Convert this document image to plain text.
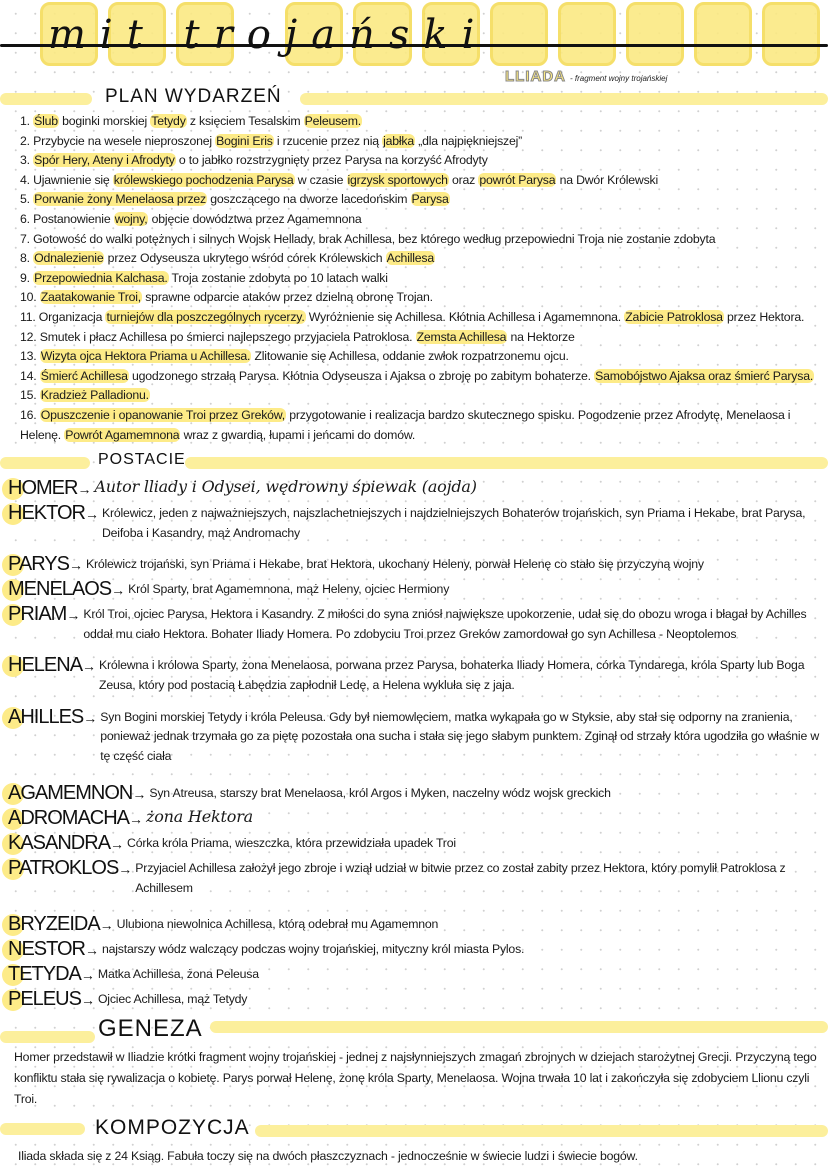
mit trojański
LLIADA - fragment wojny trojańskiej
PLAN WYDARZEŃ
1. Ślub boginki morskiej Tetydy z księciem Tesalskim Peleusem.
2. Przybycie na wesele nieproszonej Bogini Eris i rzucenie przez nią jabłka „dla najpiękniejszej”
3. Spór Hery, Ateny i Afrodyty o to jabłko rozstrzygnięty przez Parysa na korzyść Afrodyty
4. Ujawnienie się królewskiego pochodzenia Parysa w czasie igrzysk sportowych oraz powrót Parysa na Dwór Królewski
5. Porwanie żony Menelaosa przez goszczącego na dworze lacedońskim Parysa
6. Postanowienie wojny, objęcie dowództwa przez Agamemnona
7. Gotowość do walki potężnych i silnych Wojsk Hellady, brak Achillesa, bez którego według przepowiedni Troja nie zostanie zdobyta
8. Odnalezienie przez Odyseusza ukrytego wśród córek Królewskich Achillesa
9. Przepowiednia Kalchasa. Troja zostanie zdobyta po 10 latach walki
10. Zaatakowanie Troi, sprawne odparcie ataków przez dzielną obronę Trojan.
11. Organizacja turniejów dla poszczególnych rycerzy. Wyróżnienie się Achillesa. Kłótnia Achillesa i Agamemnona. Zabicie Patroklosa przez Hektora.
12. Smutek i płacz Achillesa po śmierci najlepszego przyjaciela Patroklosa. Zemsta Achillesa na Hektorze
13. Wizyta ojca Hektora Priama u Achillesa. Zlitowanie się Achillesa, oddanie zwłok rozpatrzonemu ojcu.
14. Śmierć Achillesa ugodzonego strzałą Parysa. Kłótnia Odyseusza i Ajaksa o zbroję po zabitym bohaterze. Samobójstwo Ajaksa oraz śmierć Parysa.
15. Kradzież Palladionu.
16. Opuszczenie i opanowanie Troi przez Greków, przygotowanie i realizacja bardzo skutecznego spisku. Pogodzenie przez Afrodytę, Menelaosa i Helenę. Powrót Agamemnona wraz z gwardią, łupami i jeńcami do domów.
POSTACIE
HOMER→ Autor lliady i Odysei, wędrowny śpiewak (aojda)
HEKTOR→ Królewicz, jeden z najważniejszych, najszlachetniejszych i najdzielniejszych Bohaterów trojańskich, syn Priama i Hekabe, brat Parysa, Deifoba i Kasandry, mąż Andromachy
PARYS→ Królewicz trojański, syn Priama i Hekabe, brat Hektora, ukochany Heleny, porwał Helenę co stało się przyczyną wojny
MENELAOS→ Król Sparty, brat Agamemnona, mąż Heleny, ojciec Hermiony
PRIAM→ Król Troi, ojciec Parysa, Hektora i Kasandry. Z miłości do syna zniósł największe upokorzenie, udał się do obozu wroga i błagał by Achilles oddał mu ciało Hektora. Bohater Iliady Homera. Po zdobyciu Troi przez Greków zamordował go syn Achillesa - Neoptolemos
HELENA→ Królewna i królowa Sparty, żona Menelaosa, porwana przez Parysa, bohaterka Iliady Homera, córka Tyndarega, króla Sparty lub Boga Zeusa, który pod postacią Łabędzia zapłodnił Ledę, a Helena wykluła się z jaja.
AHILLES→ Syn Bogini morskiej Tetydy i króla Peleusa. Gdy był niemowlęciem, matka wykąpała go w Styksie, aby stał się odporny na zranienia, ponieważ jednak trzymała go za piętę pozostała ona sucha i stała się jego słabym punktem. Zginął od strzały która ugodziła go właśnie w tę część ciała
AGAMEMNON→ Syn Atreusa, starszy brat Menelaosa, król Argos i Myken, naczelny wódz wojsk greckich
ADROMACHA→ żona Hektora
KASANDRA→ Córka króla Priama, wieszczka, która przewidziała upadek Troi
PATROKLOS→ Przyjaciel Achillesa założył jego zbroje i wziął udział w bitwie przez co został zabity przez Hektora, który pomylił Patroklosa z Achillesem
BRYZEIDA→ Ulubiona niewolnica Achillesa, którą odebrał mu Agamemnon
NESTOR→ najstarszy wódz walczący podczas wojny trojańskiej, mityczny król miasta Pylos.
TETYDA→ Matka Achillesa, żona Peleusa
PELEUS→ Ojciec Achillesa, mąż Tetydy
GENEZA
Homer przedstawił w Iliadzie krótki fragment wojny trojańskiej - jednej z najsłynniejszych zmagań zbrojnych w dziejach starożytnej Grecji. Przyczyną tego konfliktu stała się rywalizacja o kobietę. Parys porwał Helenę, żonę króla Sparty, Menelaosa. Wojna trwała 10 lat i zakończyła się zdobyciem Llionu czyli Troi.
KOMPOZYCJA
Iliada składa się z 24 Ksiąg. Fabuła toczy się na dwóch płaszczyznach - jednocześnie w świecie ludzi i świecie bogów.
